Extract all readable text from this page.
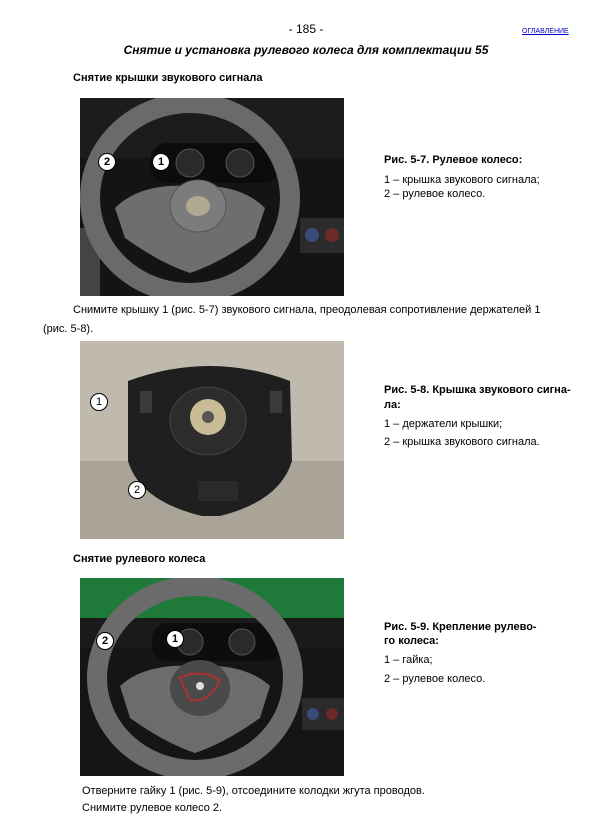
- 185 -	ОГЛАВЛЕНИЕ
Снятие и установка рулевого колеса для комплектации 55
Снятие крышки звукового сигнала
2	1	Рис. 5-7. Рулевое колесо:
1 – крышка звукового сигнала;
2 – рулевое колесо.
Снимите крышку 1 (рис. 5-7) звукового сигнала, преодолевая сопротивление держателей 1
(рис. 5-8).
1
2
Рис. 5-8. Крышка звукового сигна-
ла:
1 – держатели крышки;
2 – крышка звукового сигнала.
Снятие рулевого колеса
2	1
Рис. 5-9. Крепление рулево-
го колеса:
1 – гайка;
2 – рулевое колесо.
Отверните гайку 1 (рис. 5-9), отсоедините колодки жгута проводов.
Снимите рулевое колесо 2.
